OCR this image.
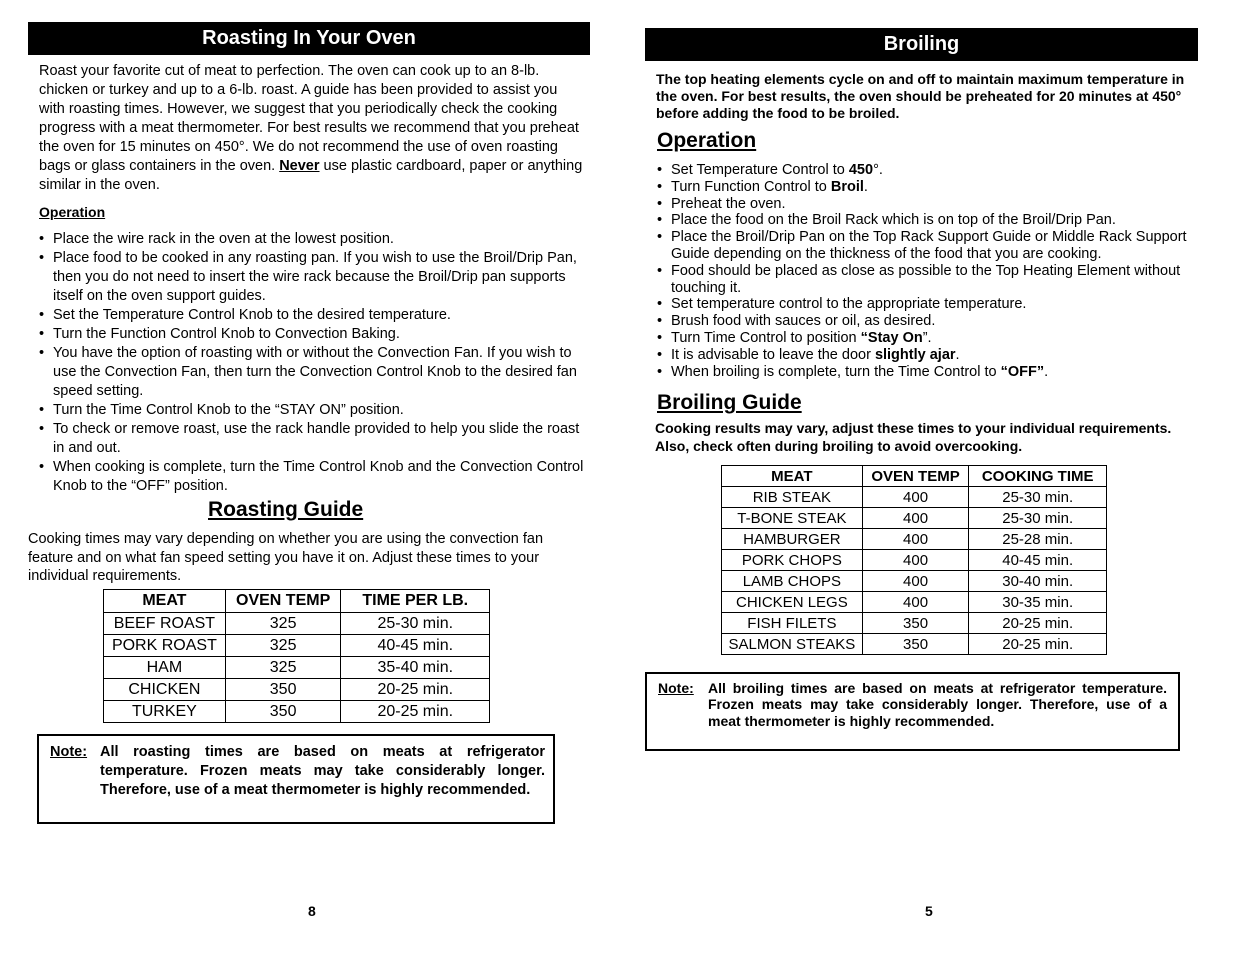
Roasting In Your Oven

Roast your favorite cut of meat to perfection. The oven can cook up to an 8-lb. chicken or turkey and up to a 6-lb. roast. A guide has been provided to assist you with roasting times. However, we suggest that you periodically check the cooking progress with a meat thermometer. For best results we recommend that you preheat the oven for 15 minutes on 450°. We do not recommend the use of oven roasting bags or glass containers in the oven. Never use plastic cardboard, paper or anything similar in the oven.

Operation
• Place the wire rack in the oven at the lowest position.
• Place food to be cooked in any roasting pan. If you wish to use the Broil/Drip Pan, then you do not need to insert the wire rack because the Broil/Drip pan supports itself on the oven support guides.
• Set the Temperature Control Knob to the desired temperature.
• Turn the Function Control Knob to Convection Baking.
• You have the option of roasting with or without the Convection Fan. If you wish to use the Convection Fan, then turn the Convection Control Knob to the desired fan speed setting.
• Turn the Time Control Knob to the “STAY ON” position.
• To check or remove roast, use the rack handle provided to help you slide the roast in and out.
• When cooking is complete, turn the Time Control Knob and the Convection Control Knob to the “OFF” position.
Roasting Guide

Cooking times may vary depending on whether you are using the convection fan feature and on what fan speed setting you have it on. Adjust these times to your individual requirements.

MEAT	OVEN TEMP	TIME PER LB.
BEEF ROAST	325	25-30 min.
PORK ROAST	325	40-45 min.
HAM	325	35-40 min.
CHICKEN	350	20-25 min.
TURKEY	350	20-25 min.
Note: All roasting times are based on meats at refrigerator temperature. Frozen meats may take considerably longer. Therefore, use of a meat thermometer is highly recommended.
8
Broiling

The top heating elements cycle on and off to maintain maximum temperature in the oven. For best results, the oven should be preheated for 20 minutes at 450° before adding the food to be broiled.

Operation
• Set Temperature Control to 450°.
• Turn Function Control to Broil.
• Preheat the oven.
• Place the food on the Broil Rack which is on top of the Broil/Drip Pan.
• Place the Broil/Drip Pan on the Top Rack Support Guide or Middle Rack Support Guide depending on the thickness of the food that you are cooking.
• Food should be placed as close as possible to the Top Heating Element without touching it.
• Set temperature control to the appropriate temperature.
• Brush food with sauces or oil, as desired.
• Turn Time Control to position “Stay On”.
• It is advisable to leave the door slightly ajar.
• When broiling is complete, turn the Time Control to “OFF”.
Broiling Guide

Cooking results may vary, adjust these times to your individual requirements. Also, check often during broiling to avoid overcooking.

MEAT	OVEN TEMP	COOKING TIME
RIB STEAK	400	25-30 min.
T-BONE STEAK	400	25-30 min.
HAMBURGER	400	25-28 min.
PORK CHOPS	400	40-45 min.
LAMB CHOPS	400	30-40 min.
CHICKEN LEGS	400	30-35 min.
FISH FILETS	350	20-25 min.
SALMON STEAKS	350	20-25 min.
Note: All broiling times are based on meats at refrigerator temperature. Frozen meats may take considerably longer. Therefore, use of a meat thermometer is highly recommended.
5
